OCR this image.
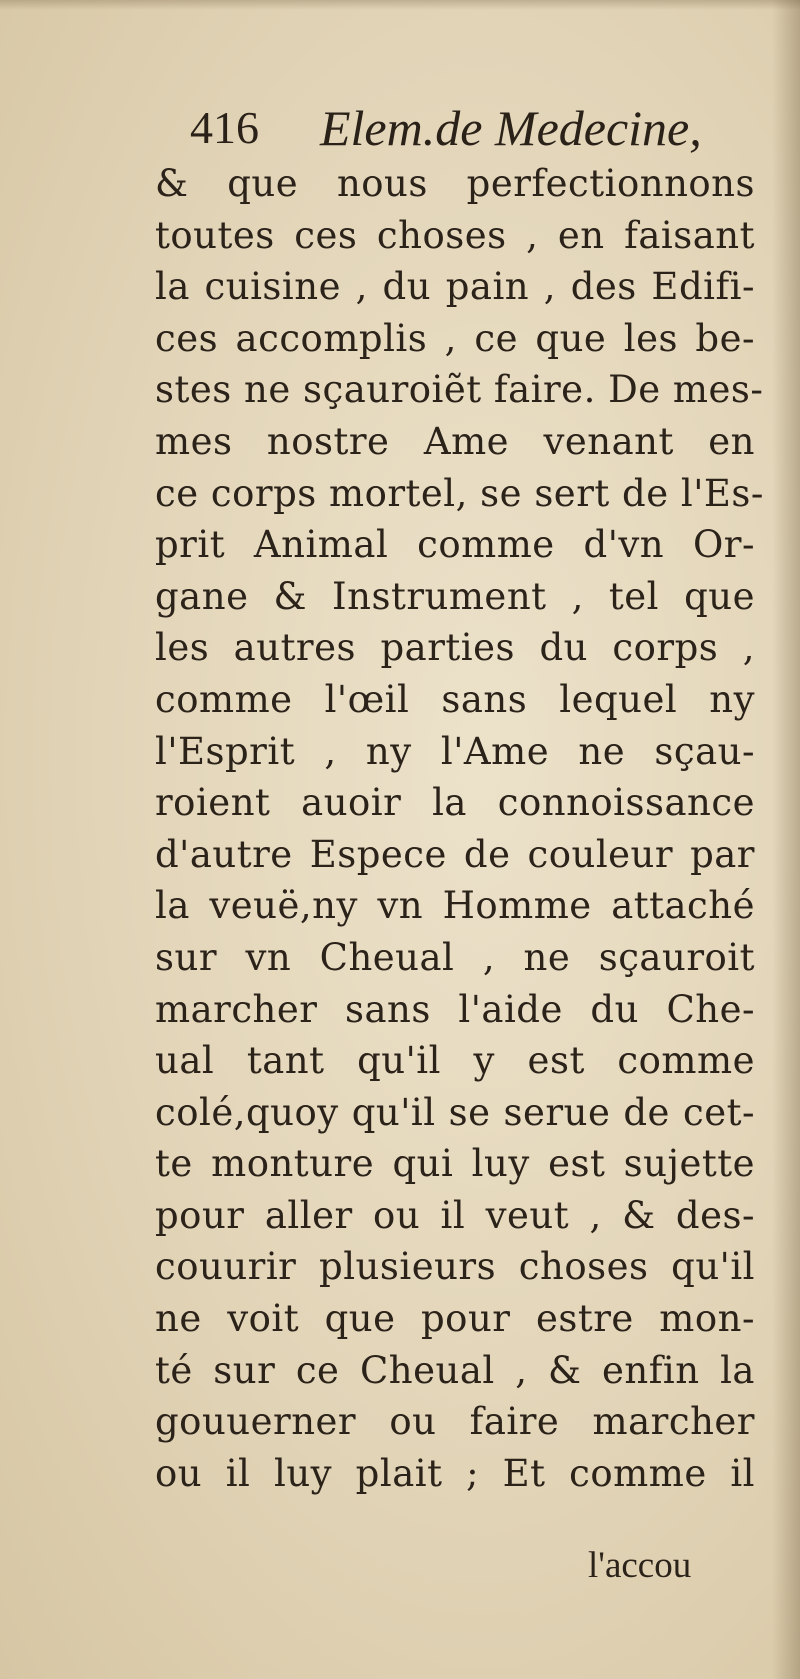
416 Elem.de Medecine,
& que nous perfectionnons
toutes ces choses , en faisant
la cuisine , du pain , des Edifi-
ces accomplis , ce que les be-
stes ne sçauroiẽt faire. De mes-
mes nostre Ame venant en
ce corps mortel, se sert de l'Es-
prit Animal comme d'vn Or-
gane & Instrument , tel que
les autres parties du corps ,
comme l'œil sans lequel ny
l'Esprit , ny l'Ame ne sçau-
roient auoir la connoissance
d'autre Espece de couleur par
la veuë,ny vn Homme attaché
sur vn Cheual , ne sçauroit
marcher sans l'aide du Che-
ual tant qu'il y est comme
colé,quoy qu'il se serue de cet-
te monture qui luy est sujette
pour aller ou il veut , & des-
couurir plusieurs choses qu'il
ne voit que pour estre mon-
té sur ce Cheual , & enfin la
gouuerner ou faire marcher
ou il luy plait ; Et comme il
l'accou
